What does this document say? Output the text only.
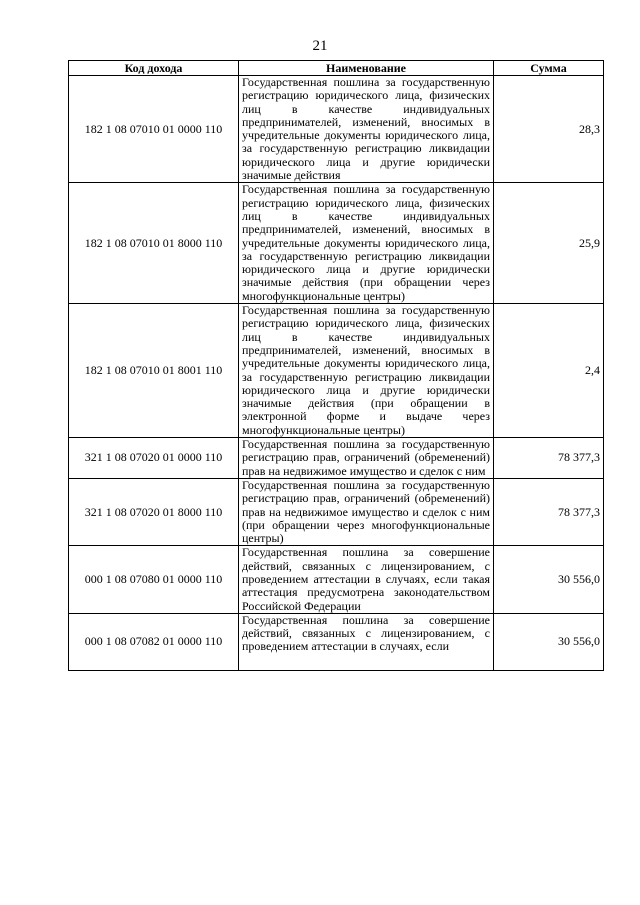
21
Код дохода	Наименование	Сумма
182 1 08 07010 01 0000 110	Государственная пошлина за государственную регистрацию юридического лица, физических лиц в качестве индивидуальных предпринимателей, изменений, вносимых в учредительные документы юридического лица, за государственную регистрацию ликвидации юридического лица и другие юридически значимые действия	28,3
182 1 08 07010 01 8000 110	Государственная пошлина за государственную регистрацию юридического лица, физических лиц в качестве индивидуальных предпринимателей, изменений, вносимых в учредительные документы юридического лица, за государственную регистрацию ликвидации юридического лица и другие юридически значимые действия (при обращении через многофункциональные центры)	25,9
182 1 08 07010 01 8001 110	Государственная пошлина за государственную регистрацию юридического лица, физических лиц в качестве индивидуальных предпринимателей, изменений, вносимых в учредительные документы юридического лица, за государственную регистрацию ликвидации юридического лица и другие юридически значимые действия (при обращении в электронной форме и выдаче через многофункциональные центры)	2,4
321 1 08 07020 01 0000 110	Государственная пошлина за государственную регистрацию прав, ограничений (обременений) прав на недвижимое имущество и сделок с ним	78 377,3
321 1 08 07020 01 8000 110	Государственная пошлина за государственную регистрацию прав, ограничений (обременений) прав на недвижимое имущество и сделок с ним (при обращении через многофункциональные центры)	78 377,3
000 1 08 07080 01 0000 110	Государственная пошлина за совершение действий, связанных с лицензированием, с проведением аттестации в случаях, если такая аттестация предусмотрена законодательством Российской Федерации	30 556,0
000 1 08 07082 01 0000 110	Государственная пошлина за совершение действий, связанных с лицензированием, с проведением аттестации в случаях, если	30 556,0
